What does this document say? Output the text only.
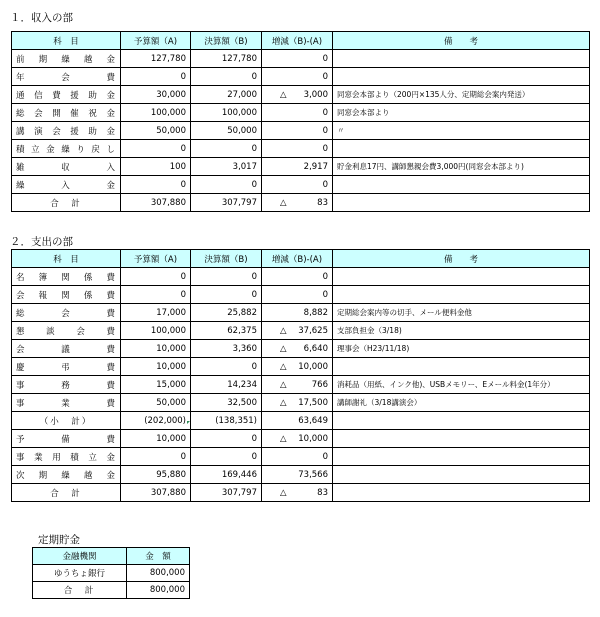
１．収入の部
科　目	予算額（A)	決算額（B)	増減（B)-(A)	備　　考
前期繰越金	127,780	127,780	0	
年会費	0	0	0	
通信費援助金	30,000	27,000	△ 3,000	同窓会本部より（200円×135人分、定期総会案内発送）
総会開催祝金	100,000	100,000	0	同窓会本部より
講演会援助金	50,000	50,000	0	〃
積立金繰り戻し	0	0	0	
雑収入	100	3,017	2,917	貯金利息17円、講師懇親会費3,000円(同窓会本部より)
繰入金	0	0	0	
合　計	307,880	307,797	△ 83	
２．支出の部
科　目	予算額（A)	決算額（B)	増減（B)-(A)	備　　考
名簿関係費	0	0	0	
会報関係費	0	0	0	
総会費	17,000	25,882	8,882	定期総会案内等の切手、メール便料金他
懇談会費	100,000	62,375	△ 37,625	支部負担金（3/18)
会議費	10,000	3,360	△ 6,640	理事会（H23/11/18)
慶弔費	10,000	0	△ 10,000	
事務費	15,000	14,234	△ 766	消耗品（用紙、インク他)、USBメモリー、Eメール料金(1年分）
事業費	50,000	32,500	△ 17,500	講師謝礼（3/18講演会）
（小　計）	(202,000)	(138,351)	63,649	
予備費	10,000	0	△ 10,000	
事業用積立金	0	0	0	
次期繰越金	95,880	169,446	73,566	
合　計	307,880	307,797	△ 83	
定期貯金
金融機関	金　額
ゆうちょ銀行	800,000
合　計	800,000
